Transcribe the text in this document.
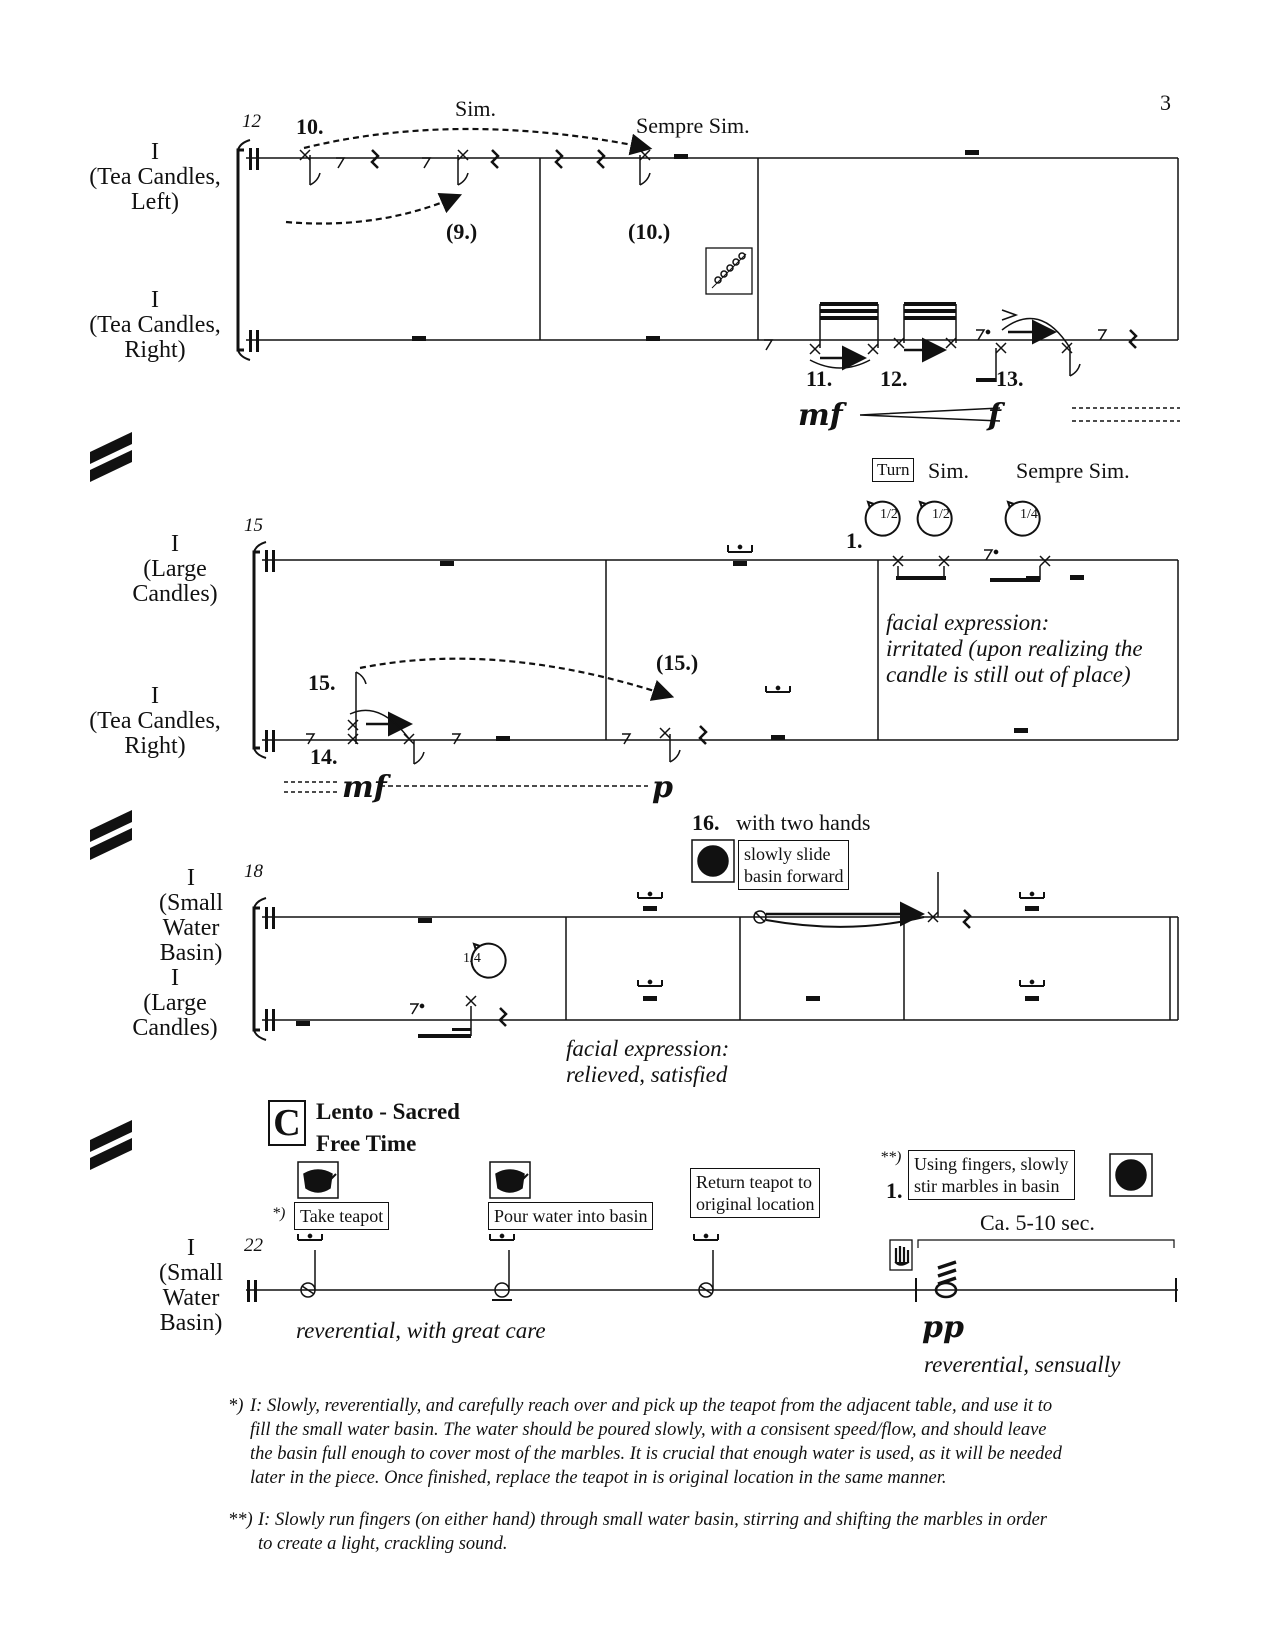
3
12
I
(Tea Candles,
Left)
I
(Tea Candles,
Right)
10.
Sim.
Sempre Sim.
(9.)	(10.)
11. 12.	13.
mf	f
15
I
(Large
Candles)
I
(Tea Candles,
Right)
Turn Sim. Sempre Sim.
1.
1/2 1/2	1/4
facial expression:
irritated (upon realizing the
candle is still out of place)
15.
(15.)
14.
mf	p
18
I
(Small
Water
Basin)
I
(Large
Candles)
16. with two hands
slowly slide
basin forward
1/4
facial expression:
relieved, satisfied
C Lento - Sacred
Free Time
22
I
(Small
Water
Basin)
*) Take teapot	Pour water into basin
Return teapot to
original location
**) Using fingers, slowly
stir marbles in basin
1.
Ca. 5-10 sec.
reverential, with great care	pp
reverential, sensually
*) I: Slowly, reverentially, and carefully reach over and pick up the teapot from the adjacent table, and use it to
fill the small water basin. The water should be poured slowly, with a consisent speed/flow, and should leave
the basin full enough to cover most of the marbles. It is crucial that enough water is used, as it will be needed
later in the piece. Once finished, replace the teapot in is original location in the same manner.
**) I: Slowly run fingers (on either hand) through small water basin, stirring and shifting the marbles in order
to create a light, crackling sound.
